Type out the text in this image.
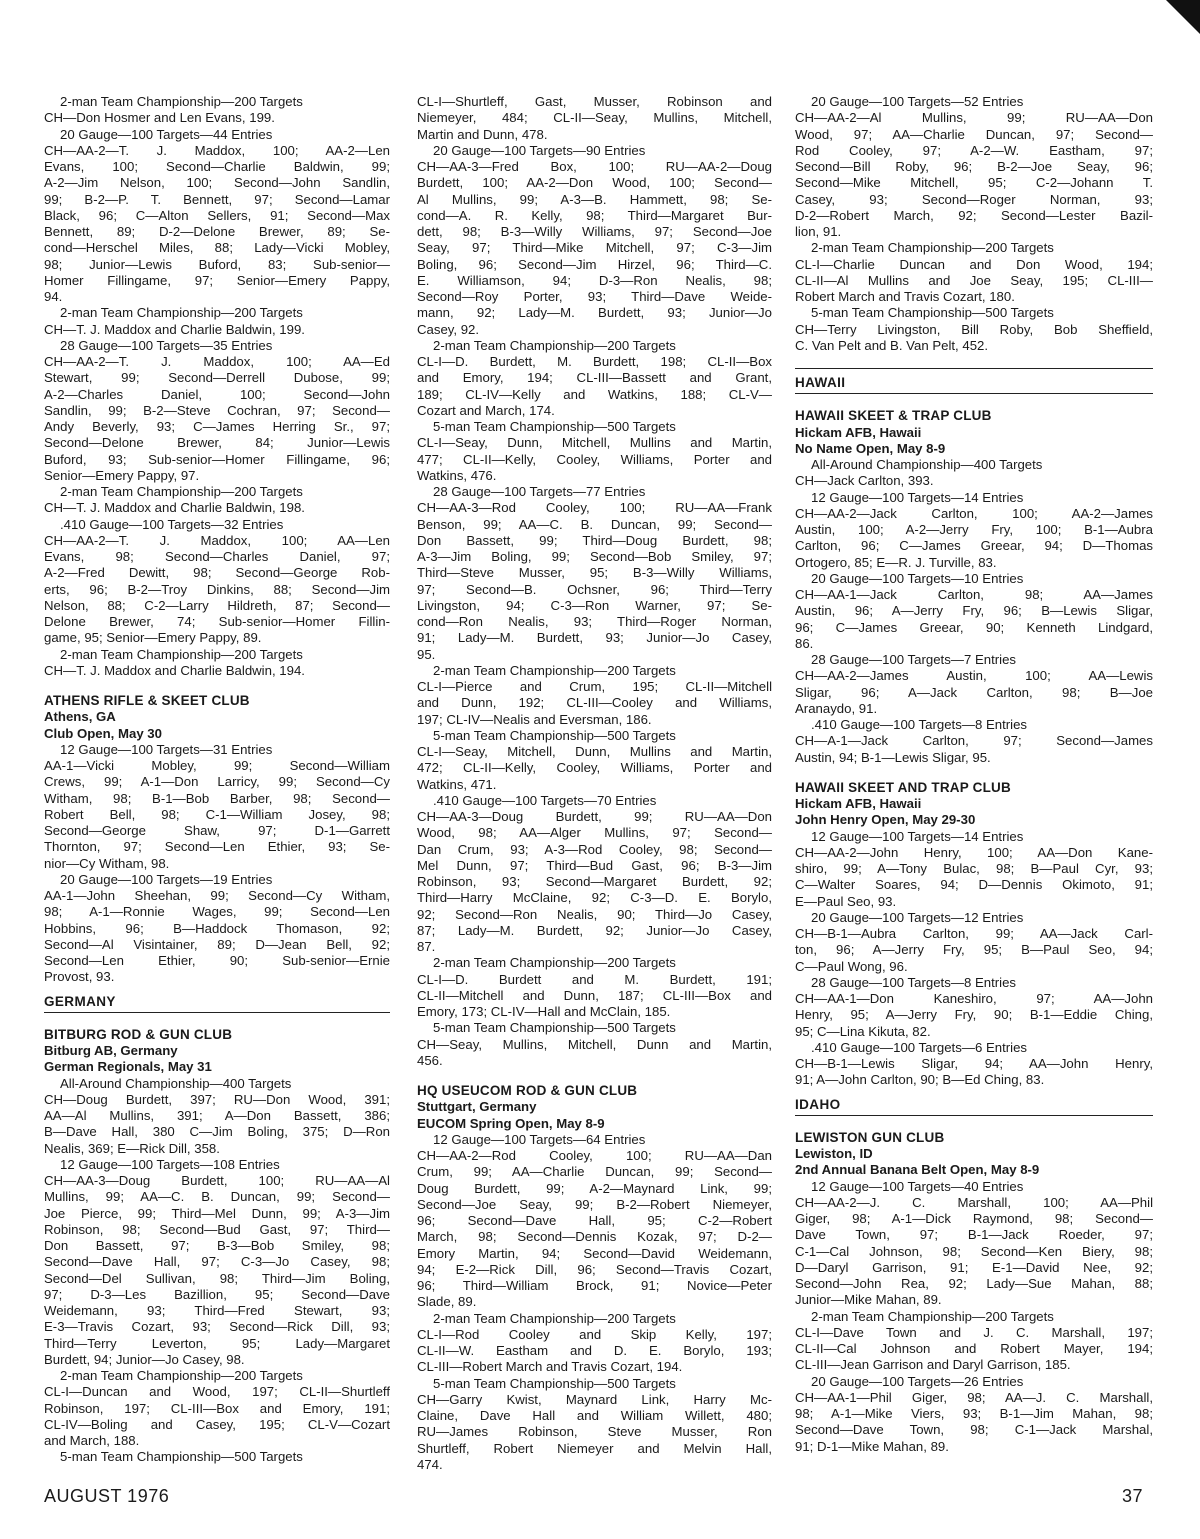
2-man Team Championship—200 Targets
CH—Don Hosmer and Len Evans, 199.
20 Gauge—100 Targets—44 Entries
CH—AA-2—T. J. Maddox, 100; AA-2—Len
Evans, 100; Second—Charlie Baldwin, 99;
A-2—Jim Nelson, 100; Second—John Sandlin,
99; B-2—P. T. Bennett, 97; Second—Lamar
Black, 96; C—Alton Sellers, 91; Second—Max
Bennett, 89; D-2—Delone Brewer, 89; Se-
cond—Herschel Miles, 88; Lady—Vicki Mobley,
98; Junior—Lewis Buford, 83; Sub-senior—
Homer Fillingame, 97; Senior—Emery Pappy,
94.
2-man Team Championship—200 Targets
CH—T. J. Maddox and Charlie Baldwin, 199.
28 Gauge—100 Targets—35 Entries
CH—AA-2—T. J. Maddox, 100; AA—Ed
Stewart, 99; Second—Derrell Dubose, 99;
A-2—Charles Daniel, 100; Second—John
Sandlin, 99; B-2—Steve Cochran, 97; Second—
Andy Beverly, 93; C—James Herring Sr., 97;
Second—Delone Brewer, 84; Junior—Lewis
Buford, 93; Sub-senior—Homer Fillingame, 96;
Senior—Emery Pappy, 97.
2-man Team Championship—200 Targets
CH—T. J. Maddox and Charlie Baldwin, 198.
.410 Gauge—100 Targets—32 Entries
CH—AA-2—T. J. Maddox, 100; AA—Len
Evans, 98; Second—Charles Daniel, 97;
A-2—Fred Dewitt, 98; Second—George Rob-
erts, 96; B-2—Troy Dinkins, 88; Second—Jim
Nelson, 88; C-2—Larry Hildreth, 87; Second—
Delone Brewer, 74; Sub-senior—Homer Fillin-
game, 95; Senior—Emery Pappy, 89.
2-man Team Championship—200 Targets
CH—T. J. Maddox and Charlie Baldwin, 194.
ATHENS RIFLE & SKEET CLUB
Athens, GA
Club Open, May 30
12 Gauge—100 Targets—31 Entries
AA-1—Vicki Mobley, 99; Second—William
Crews, 99; A-1—Don Larricy, 99; Second—Cy
Witham, 98; B-1—Bob Barber, 98; Second—
Robert Bell, 98; C-1—William Josey, 98;
Second—George Shaw, 97; D-1—Garrett
Thornton, 97; Second—Len Ethier, 93; Se-
nior—Cy Witham, 98.
20 Gauge—100 Targets—19 Entries
AA-1—John Sheehan, 99; Second—Cy Witham,
98; A-1—Ronnie Wages, 99; Second—Len
Hobbins, 96; B—Haddock Thomason, 92;
Second—Al Visintainer, 89; D—Jean Bell, 92;
Second—Len Ethier, 90; Sub-senior—Ernie
Provost, 93.
GERMANY
BITBURG ROD & GUN CLUB
Bitburg AB, Germany
German Regionals, May 31
All-Around Championship—400 Targets
CH—Doug Burdett, 397; RU—Don Wood, 391;
AA—Al Mullins, 391; A—Don Bassett, 386;
B—Dave Hall, 380 C—Jim Boling, 375; D—Ron
Nealis, 369; E—Rick Dill, 358.
12 Gauge—100 Targets—108 Entries
CH—AA-3—Doug Burdett, 100; RU—AA—Al
Mullins, 99; AA—C. B. Duncan, 99; Second—
Joe Pierce, 99; Third—Mel Dunn, 99; A-3—Jim
Robinson, 98; Second—Bud Gast, 97; Third—
Don Bassett, 97; B-3—Bob Smiley, 98;
Second—Dave Hall, 97; C-3—Jo Casey, 98;
Second—Del Sullivan, 98; Third—Jim Boling,
97; D-3—Les Bazillion, 95; Second—Dave
Weidemann, 93; Third—Fred Stewart, 93;
E-3—Travis Cozart, 93; Second—Rick Dill, 93;
Third—Terry Leverton, 95; Lady—Margaret
Burdett, 94; Junior—Jo Casey, 98.
2-man Team Championship—200 Targets
CL-I—Duncan and Wood, 197; CL-II—Shurtleff
Robinson, 197; CL-III—Box and Emory, 191;
CL-IV—Boling and Casey, 195; CL-V—Cozart
and March, 188.
5-man Team Championship—500 Targets
CL-I—Shurtleff, Gast, Musser, Robinson and
Niemeyer, 484; CL-II—Seay, Mullins, Mitchell,
Martin and Dunn, 478.
20 Gauge—100 Targets—90 Entries
CH—AA-3—Fred Box, 100; RU—AA-2—Doug
Burdett, 100; AA-2—Don Wood, 100; Second—
Al Mullins, 99; A-3—B. Hammett, 98; Se-
cond—A. R. Kelly, 98; Third—Margaret Bur-
dett, 98; B-3—Willy Williams, 97; Second—Joe
Seay, 97; Third—Mike Mitchell, 97; C-3—Jim
Boling, 96; Second—Jim Hirzel, 96; Third—C.
E. Williamson, 94; D-3—Ron Nealis, 98;
Second—Roy Porter, 93; Third—Dave Weide-
mann, 92; Lady—M. Burdett, 93; Junior—Jo
Casey, 92.
2-man Team Championship—200 Targets
CL-I—D. Burdett, M. Burdett, 198; CL-II—Box
and Emory, 194; CL-III—Bassett and Grant,
189; CL-IV—Kelly and Watkins, 188; CL-V—
Cozart and March, 174.
5-man Team Championship—500 Targets
CL-I—Seay, Dunn, Mitchell, Mullins and Martin,
477; CL-II—Kelly, Cooley, Williams, Porter and
Watkins, 476.
28 Gauge—100 Targets—77 Entries
CH—AA-3—Rod Cooley, 100; RU—AA—Frank
Benson, 99; AA—C. B. Duncan, 99; Second—
Don Bassett, 99; Third—Doug Burdett, 98;
A-3—Jim Boling, 99; Second—Bob Smiley, 97;
Third—Steve Musser, 95; B-3—Willy Williams,
97; Second—B. Ochsner, 96; Third—Terry
Livingston, 94; C-3—Ron Warner, 97; Se-
cond—Ron Nealis, 93; Third—Roger Norman,
91; Lady—M. Burdett, 93; Junior—Jo Casey,
95.
2-man Team Championship—200 Targets
CL-I—Pierce and Crum, 195; CL-II—Mitchell
and Dunn, 192; CL-III—Cooley and Williams,
197; CL-IV—Nealis and Eversman, 186.
5-man Team Championship—500 Targets
CL-I—Seay, Mitchell, Dunn, Mullins and Martin,
472; CL-II—Kelly, Cooley, Williams, Porter and
Watkins, 471.
.410 Gauge—100 Targets—70 Entries
CH—AA-3—Doug Burdett, 99; RU—AA—Don
Wood, 98; AA—Alger Mullins, 97; Second—
Dan Crum, 93; A-3—Rod Cooley, 98; Second—
Mel Dunn, 97; Third—Bud Gast, 96; B-3—Jim
Robinson, 93; Second—Margaret Burdett, 92;
Third—Harry McClaine, 92; C-3—D. E. Borylo,
92; Second—Ron Nealis, 90; Third—Jo Casey,
87; Lady—M. Burdett, 92; Junior—Jo Casey,
87.
2-man Team Championship—200 Targets
CL-I—D. Burdett and M. Burdett, 191;
CL-II—Mitchell and Dunn, 187; CL-III—Box and
Emory, 173; CL-IV—Hall and McClain, 185.
5-man Team Championship—500 Targets
CH—Seay, Mullins, Mitchell, Dunn and Martin,
456.
HQ USEUCOM ROD & GUN CLUB
Stuttgart, Germany
EUCOM Spring Open, May 8-9
12 Gauge—100 Targets—64 Entries
CH—AA-2—Rod Cooley, 100; RU—AA—Dan
Crum, 99; AA—Charlie Duncan, 99; Second—
Doug Burdett, 99; A-2—Maynard Link, 99;
Second—Joe Seay, 99; B-2—Robert Niemeyer,
96; Second—Dave Hall, 95; C-2—Robert
March, 98; Second—Dennis Kozak, 97; D-2—
Emory Martin, 94; Second—David Weidemann,
94; E-2—Rick Dill, 96; Second—Travis Cozart,
96; Third—William Brock, 91; Novice—Peter
Slade, 89.
2-man Team Championship—200 Targets
CL-I—Rod Cooley and Skip Kelly, 197;
CL-II—W. Eastham and D. E. Borylo, 193;
CL-III—Robert March and Travis Cozart, 194.
5-man Team Championship—500 Targets
CH—Garry Kwist, Maynard Link, Harry Mc-
Claine, Dave Hall and William Willett, 480;
RU—James Robinson, Steve Musser, Ron
Shurtleff, Robert Niemeyer and Melvin Hall,
474.
20 Gauge—100 Targets—52 Entries
CH—AA-2—Al Mullins, 99; RU—AA—Don
Wood, 97; AA—Charlie Duncan, 97; Second—
Rod Cooley, 97; A-2—W. Eastham, 97;
Second—Bill Roby, 96; B-2—Joe Seay, 96;
Second—Mike Mitchell, 95; C-2—Johann T.
Casey, 93; Second—Roger Norman, 93;
D-2—Robert March, 92; Second—Lester Bazil-
lion, 91.
2-man Team Championship—200 Targets
CL-I—Charlie Duncan and Don Wood, 194;
CL-II—Al Mullins and Joe Seay, 195; CL-III—
Robert March and Travis Cozart, 180.
5-man Team Championship—500 Targets
CH—Terry Livingston, Bill Roby, Bob Sheffield,
C. Van Pelt and B. Van Pelt, 452.
HAWAII
HAWAII SKEET & TRAP CLUB
Hickam AFB, Hawaii
No Name Open, May 8-9
All-Around Championship—400 Targets
CH—Jack Carlton, 393.
12 Gauge—100 Targets—14 Entries
CH—AA-2—Jack Carlton, 100; AA-2—James
Austin, 100; A-2—Jerry Fry, 100; B-1—Aubra
Carlton, 96; C—James Greear, 94; D—Thomas
Ortogero, 85; E—R. J. Turville, 83.
20 Gauge—100 Targets—10 Entries
CH—AA-1—Jack Carlton, 98; AA—James
Austin, 96; A—Jerry Fry, 96; B—Lewis Sligar,
96; C—James Greear, 90; Kenneth Lindgard,
86.
28 Gauge—100 Targets—7 Entries
CH—AA-2—James Austin, 100; AA—Lewis
Sligar, 96; A—Jack Carlton, 98; B—Joe
Aranaydo, 91.
.410 Gauge—100 Targets—8 Entries
CH—A-1—Jack Carlton, 97; Second—James
Austin, 94; B-1—Lewis Sligar, 95.
HAWAII SKEET AND TRAP CLUB
Hickam AFB, Hawaii
John Henry Open, May 29-30
12 Gauge—100 Targets—14 Entries
CH—AA-2—John Henry, 100; AA—Don Kane-
shiro, 99; A—Tony Bulac, 98; B—Paul Cyr, 93;
C—Walter Soares, 94; D—Dennis Okimoto, 91;
E—Paul Seo, 93.
20 Gauge—100 Targets—12 Entries
CH—B-1—Aubra Carlton, 99; AA—Jack Carl-
ton, 96; A—Jerry Fry, 95; B—Paul Seo, 94;
C—Paul Wong, 96.
28 Gauge—100 Targets—8 Entries
CH—AA-1—Don Kaneshiro, 97; AA—John
Henry, 95; A—Jerry Fry, 90; B-1—Eddie Ching,
95; C—Lina Kikuta, 82.
.410 Gauge—100 Targets—6 Entries
CH—B-1—Lewis Sligar, 94; AA—John Henry,
91; A—John Carlton, 90; B—Ed Ching, 83.
IDAHO
LEWISTON GUN CLUB
Lewiston, ID
2nd Annual Banana Belt Open, May 8-9
12 Gauge—100 Targets—40 Entries
CH—AA-2—J. C. Marshall, 100; AA—Phil
Giger, 98; A-1—Dick Raymond, 98; Second—
Dave Town, 97; B-1—Jack Roeder, 97;
C-1—Cal Johnson, 98; Second—Ken Biery, 98;
D—Daryl Garrison, 91; E-1—David Nee, 92;
Second—John Rea, 92; Lady—Sue Mahan, 88;
Junior—Mike Mahan, 89.
2-man Team Championship—200 Targets
CL-I—Dave Town and J. C. Marshall, 197;
CL-II—Cal Johnson and Robert Mayer, 194;
CL-III—Jean Garrison and Daryl Garrison, 185.
20 Gauge—100 Targets—26 Entries
CH—AA-1—Phil Giger, 98; AA—J. C. Marshall,
98; A-1—Mike Viers, 93; B-1—Jim Mahan, 98;
Second—Dave Town, 98; C-1—Jack Marshal,
91; D-1—Mike Mahan, 89.
AUGUST 1976	37
